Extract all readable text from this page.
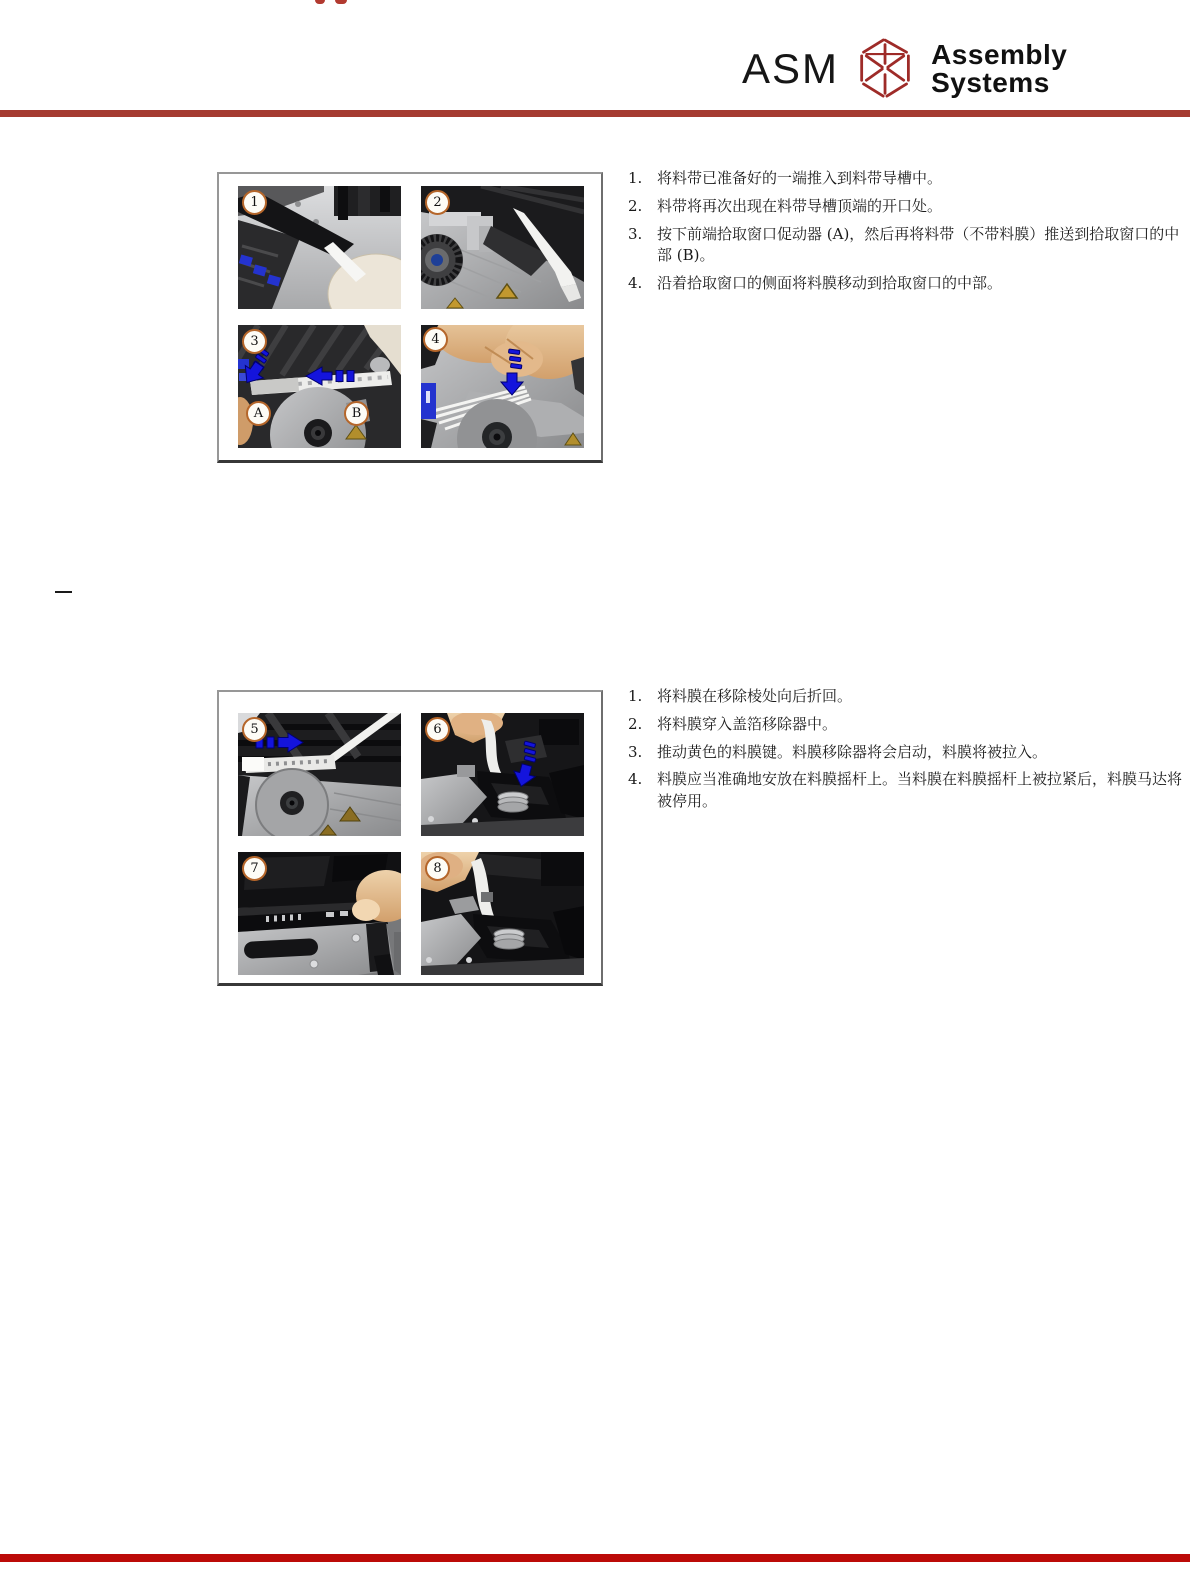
ASM	Assembly Systems
1	2
3
A	B
4
1. 将料带已准备好的一端推入到料带导槽中。
2. 料带将再次出现在料带导槽顶端的开口处。
3. 按下前端拾取窗口促动器 (A)，然后再将料带（不带料膜）推送到拾取窗口的中部 (B)。
4. 沿着拾取窗口的侧面将料膜移动到拾取窗口的中部。
5	6
7	8
1. 将料膜在移除棱处向后折回。
2. 将料膜穿入盖箔移除器中。
3. 推动黄色的料膜键。料膜移除器将会启动，料膜将被拉入。
4. 料膜应当准确地安放在料膜摇杆上。当料膜在料膜摇杆上被拉紧后，料膜马达将被停用。
